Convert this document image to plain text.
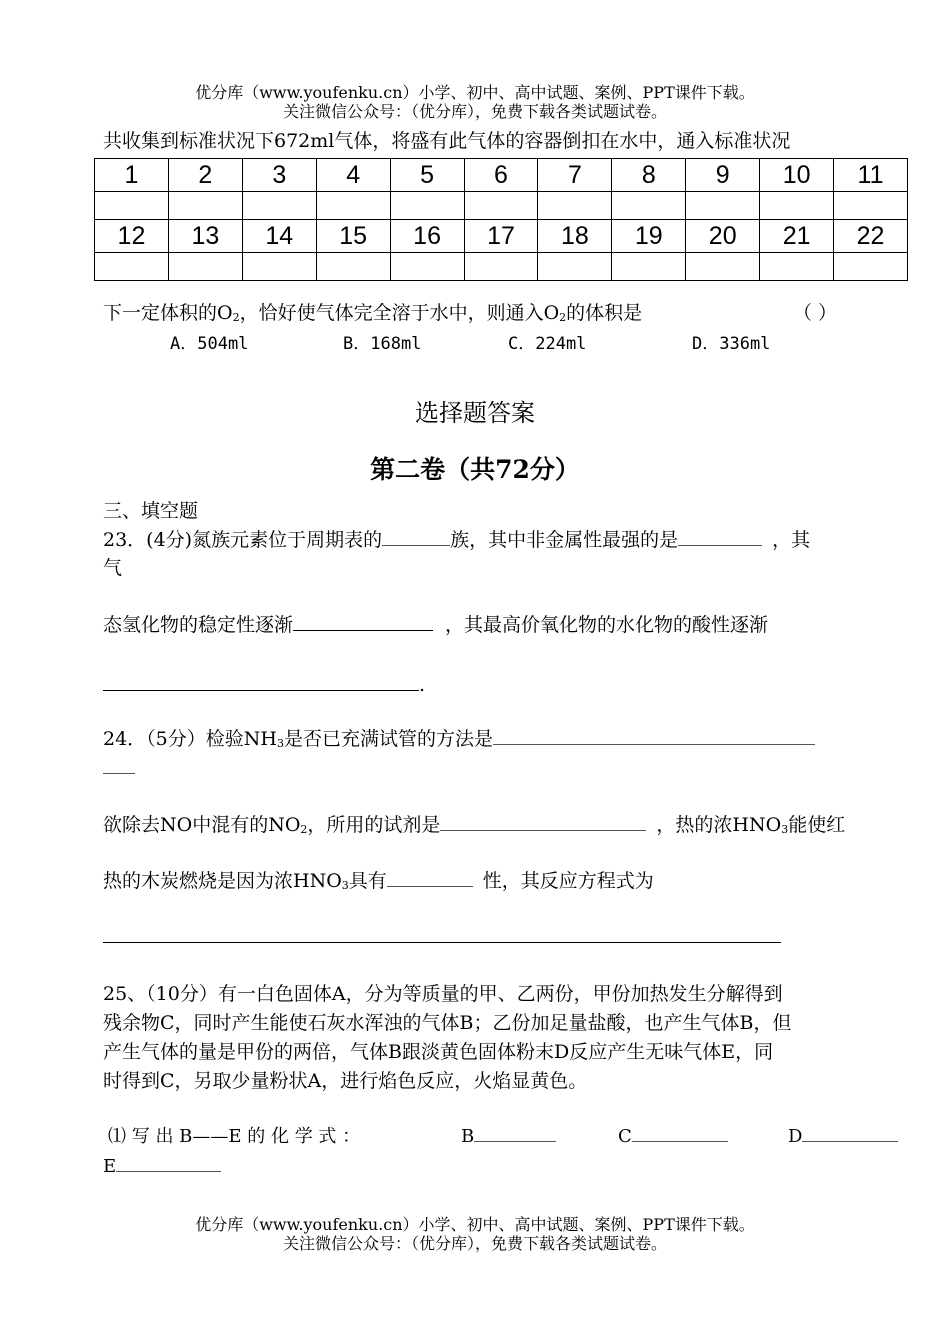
优分库（www.youfenku.cn）小学、初中、高中试题、案例、PPT课件下载。
关注微信公众号：（优分库），免费下载各类试题试卷。
共收集到标准状况下672ml气体，将盛有此气体的容器倒扣在水中，通入标准状况
1	2	3	4	5	6	7	8	9	10	11

12	13	14	15	16	17	18	19	20	21	22

下一定体积的$O_2$，恰好使气体完全溶于水中，则通入$O_2$的体积是	（ ）
A．504ml	B．168ml	C．224ml	D．336ml
选择题答案
第二卷（共72分）
三、填空题
23．(4分)氮族元素位于周期表的	族，其中非金属性最强的是	，其
气
态氢化物的稳定性逐渐	，其最高价氧化物的水化物的酸性逐渐
.
24．（5分）检验$NH_3$是否已充满试管的方法是
欲除去NO中混有的$NO_2$，所用的试剂是	，热的浓$HNO_3$能使红
热的木炭燃烧是因为浓$HNO_3$具有	性，其反应方程式为
25、（10分）有一白色固体A，分为等质量的甲、乙两份，甲份加热发生分解得到
残余物C，同时产生能使石灰水浑浊的气体B；乙份加足量盐酸，也产生气体B，但
产生气体的量是甲份的两倍，气体B跟淡黄色固体粉末D反应产生无味气体E，同
时得到C，另取少量粉状A，进行焰色反应，火焰显黄色。
⑴ 写 出 B——E 的 化 学 式 ：	B	C	D
E
优分库（www.youfenku.cn）小学、初中、高中试题、案例、PPT课件下载。
关注微信公众号：（优分库），免费下载各类试题试卷。
